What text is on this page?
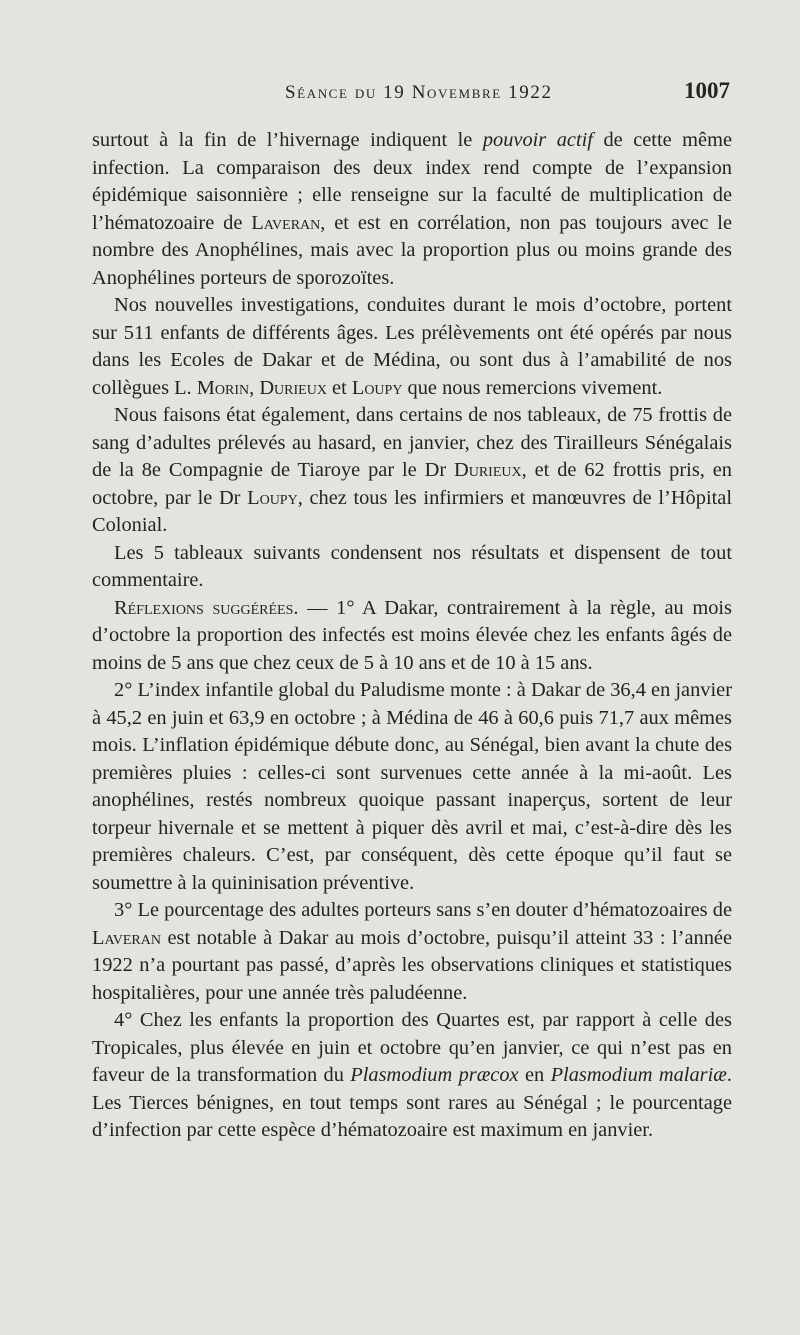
Séance du 19 Novembre 1922	1007

surtout à la fin de l’hivernage indiquent le pouvoir actif de cette même infection. La comparaison des deux index rend compte de l’expansion épidémique saisonnière ; elle renseigne sur la faculté de multiplication de l’hématozoaire de Laveran, et est en corrélation, non pas toujours avec le nombre des Anophélines, mais avec la proportion plus ou moins grande des Anophélines porteurs de sporozoïtes.

Nos nouvelles investigations, conduites durant le mois d’octobre, portent sur 511 enfants de différents âges. Les prélèvements ont été opérés par nous dans les Ecoles de Dakar et de Médina, ou sont dus à l’amabilité de nos collègues L. Morin, Durieux et Loupy que nous remercions vivement.

Nous faisons état également, dans certains de nos tableaux, de 75 frottis de sang d’adultes prélevés au hasard, en janvier, chez des Tirailleurs Sénégalais de la 8e Compagnie de Tiaroye par le Dr Durieux, et de 62 frottis pris, en octobre, par le Dr Loupy, chez tous les infirmiers et manœuvres de l’Hôpital Colonial.

Les 5 tableaux suivants condensent nos résultats et dispensent de tout commentaire.

Réflexions suggérées. — 1° A Dakar, contrairement à la règle, au mois d’octobre la proportion des infectés est moins élevée chez les enfants âgés de moins de 5 ans que chez ceux de 5 à 10 ans et de 10 à 15 ans.

2° L’index infantile global du Paludisme monte : à Dakar de 36,4 en janvier à 45,2 en juin et 63,9 en octobre ; à Médina de 46 à 60,6 puis 71,7 aux mêmes mois. L’inflation épidémique débute donc, au Sénégal, bien avant la chute des premières pluies : celles-ci sont survenues cette année à la mi-août. Les anophélines, restés nombreux quoique passant inaperçus, sortent de leur torpeur hivernale et se mettent à piquer dès avril et mai, c’est-à-dire dès les premières chaleurs. C’est, par conséquent, dès cette époque qu’il faut se soumettre à la quininisation préventive.

3° Le pourcentage des adultes porteurs sans s’en douter d’hématozoaires de Laveran est notable à Dakar au mois d’octobre, puisqu’il atteint 33 : l’année 1922 n’a pourtant pas passé, d’après les observations cliniques et statistiques hospitalières, pour une année très paludéenne.

4° Chez les enfants la proportion des Quartes est, par rapport à celle des Tropicales, plus élevée en juin et octobre qu’en janvier, ce qui n’est pas en faveur de la transformation du Plasmodium præcox en Plasmodium malariæ. Les Tierces bénignes, en tout temps sont rares au Sénégal ; le pourcentage d’infection par cette espèce d’hématozoaire est maximum en janvier.
